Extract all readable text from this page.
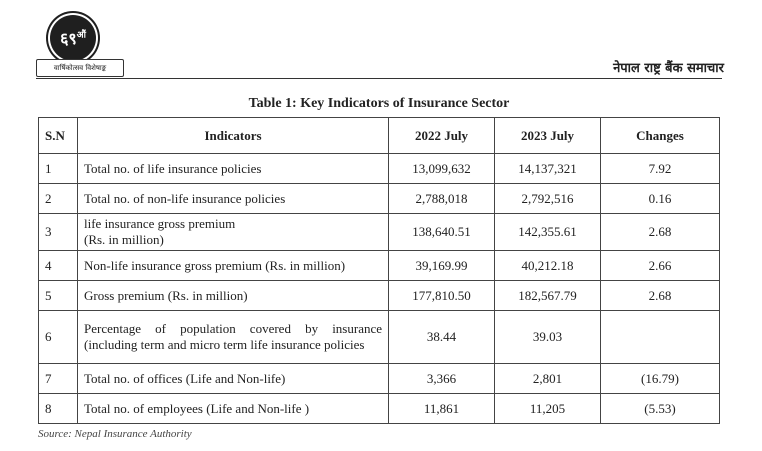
$६९^{औं}$
वार्षिकोत्सव विशेषाङ्क	नेपाल राष्ट्र बैंक समाचार
Table 1: Key Indicators of Insurance Sector
S.N	Indicators	2022 July	2023 July	Changes
1	Total no. of life insurance policies	13,099,632	14,137,321	7.92
2	Total no. of non-life insurance policies	2,788,018	2,792,516	0.16
3	life insurance gross premium
(Rs. in million)	138,640.51	142,355.61	2.68
4	Non-life insurance gross premium (Rs. in million)	39,169.99	40,212.18	2.66
5	Gross premium (Rs. in million)	177,810.50	182,567.79	2.68
6	Percentage of population covered by insurance (including term and micro term life insurance policies	38.44	39.03	
7	Total no. of offices (Life and Non-life)	3,366	2,801	(16.79)
8	Total no. of employees (Life and Non-life )	11,861	11,205	(5.53)
Source: Nepal Insurance Authority
